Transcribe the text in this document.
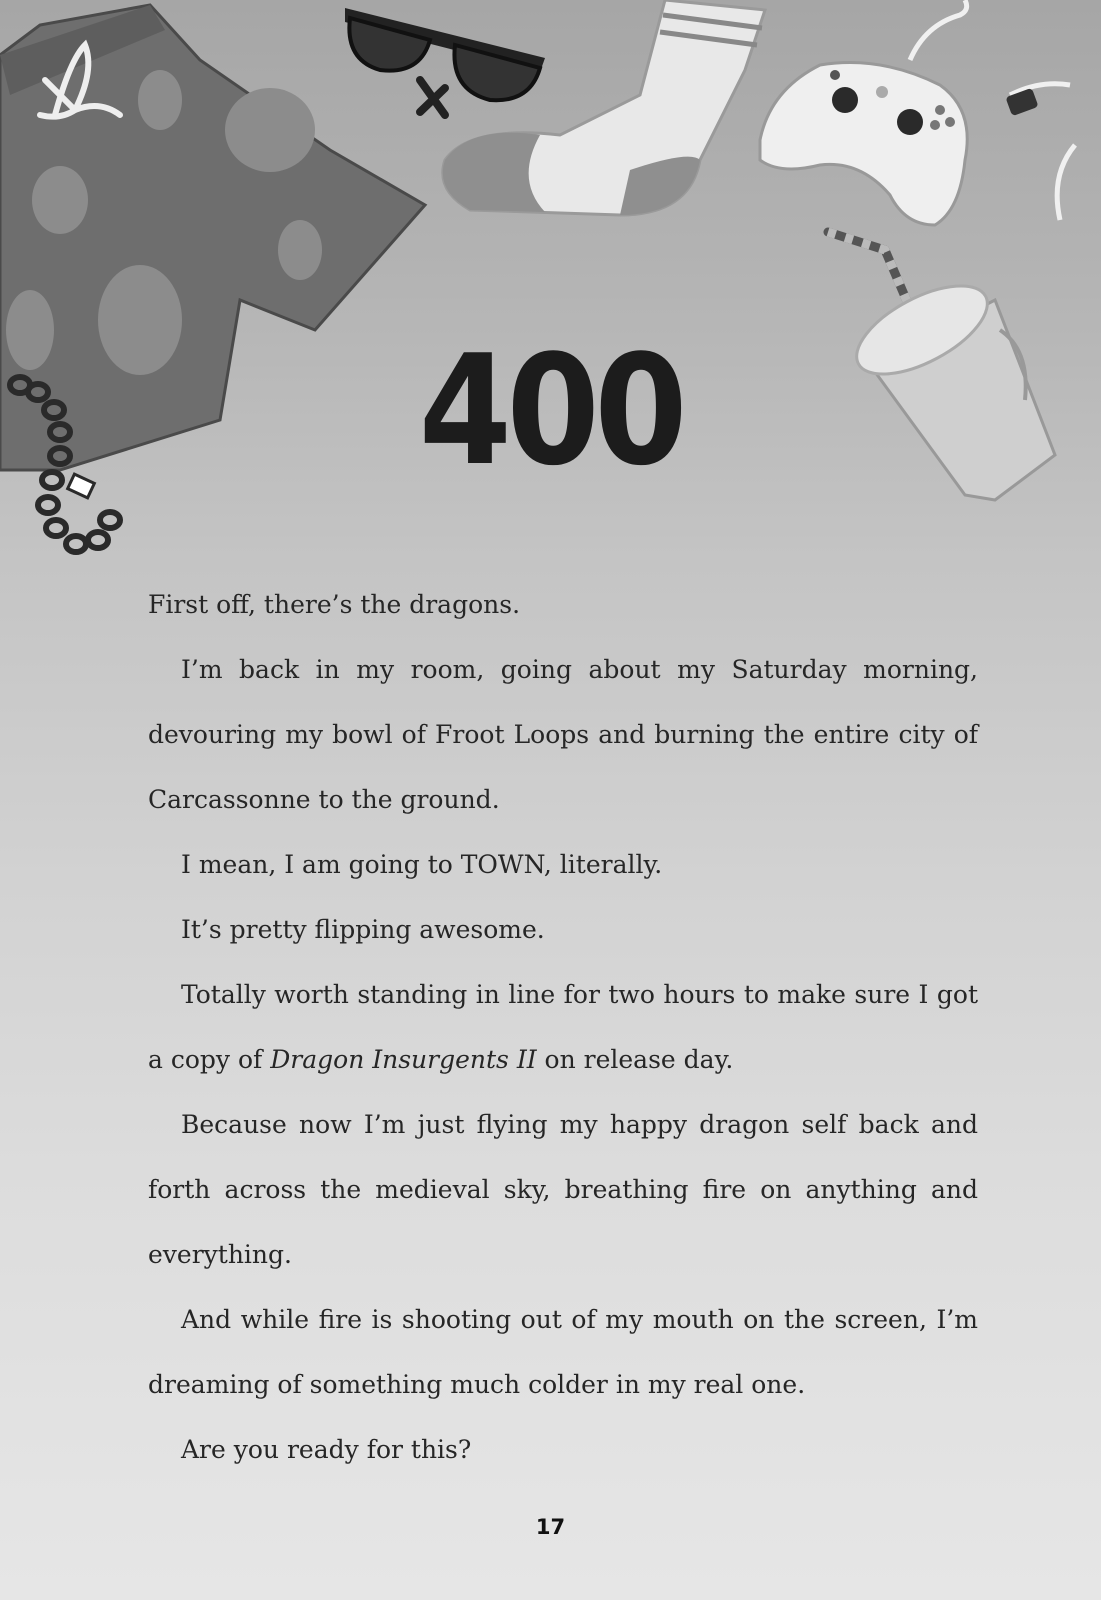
400

First off, there’s the dragons.

I’m back in my room, going about my Saturday morning, devouring my bowl of Froot Loops and burning the entire city of Carcassonne to the ground.

I mean, I am going to TOWN, literally.

It’s pretty flipping awesome.

Totally worth standing in line for two hours to make sure I got a copy of Dragon Insurgents II on release day.

Because now I’m just flying my happy dragon self back and forth across the medieval sky, breathing fire on anything and everything.

And while fire is shooting out of my mouth on the screen, I’m dreaming of something much colder in my real one.

Are you ready for this?

17
